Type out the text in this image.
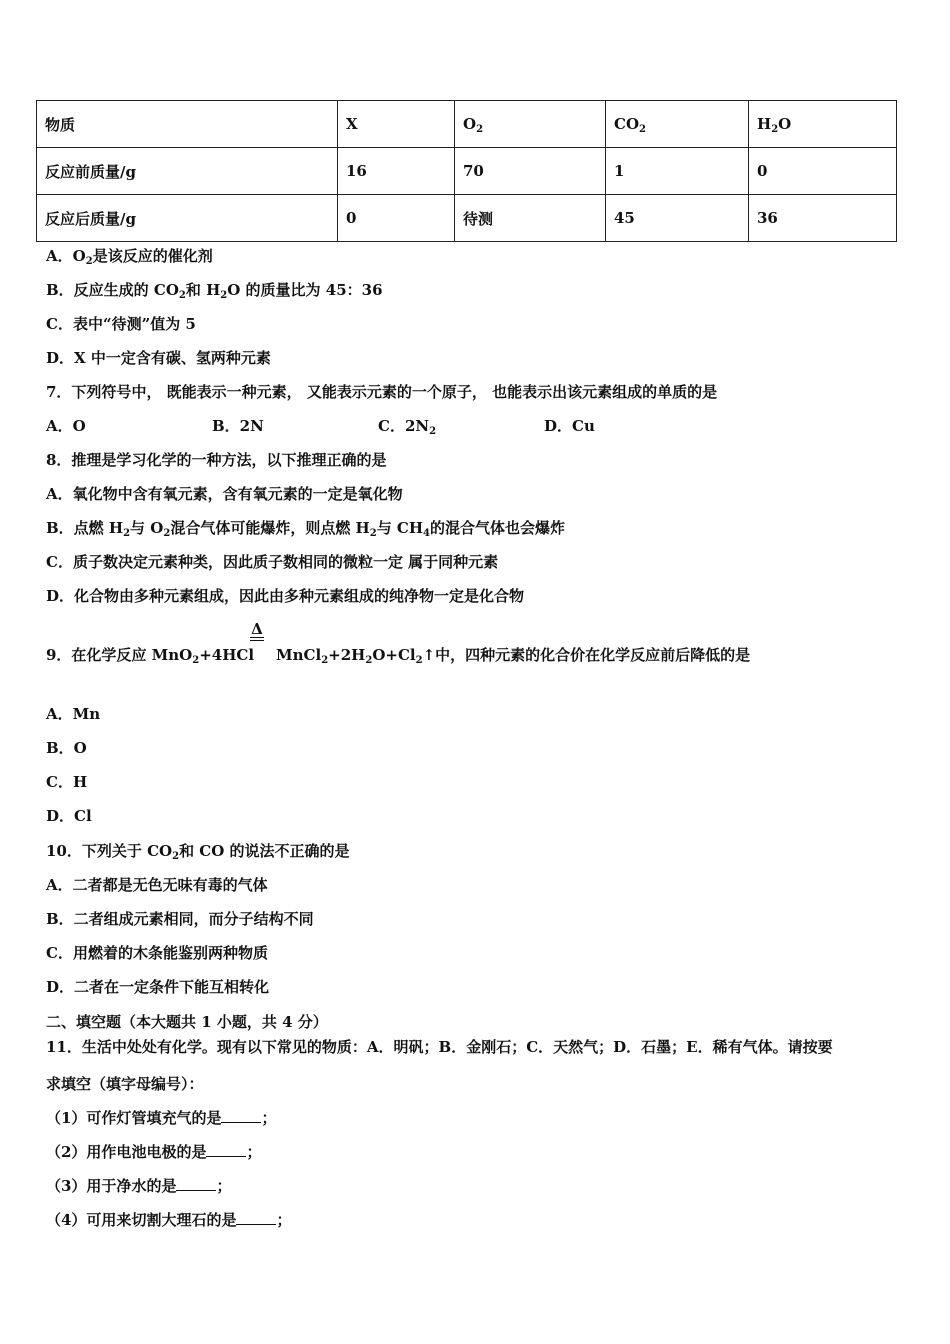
物质	X	$O_2$	$CO_2$	$H_2O$
反应前质量/g	16	70	1	0
反应后质量/g	0	待测	45	36
A．$O_2$是该反应的催化剂
B．反应生成的 $CO_2$和 $H_2O$ 的质量比为 45：36
C．表中“待测”值为 5
D．X 中一定含有碳、氢两种元素
7．下列符号中， 既能表示一种元素， 又能表示元素的一个原子， 也能表示出该元素组成的单质的是
A．O	B．2N	C．$2N_2$	D．Cu
8．推理是学习化学的一种方法，以下推理正确的是
A．氧化物中含有氧元素，含有氧元素的一定是氧化物
B．点燃 $H_2$与 $O_2$混合气体可能爆炸，则点燃 $H_2$与 $CH_4$的混合气体也会爆炸
C．质子数决定元素种类，因此质子数相同的微粒一定 属于同种元素
D．化合物由多种元素组成，因此由多种元素组成的纯净物一定是化合物
Δ
9．在化学反应 MnO$_2$+4HCl $MnCl_2+2H_2O+Cl_2↑$中，四种元素的化合价在化学反应前后降低的是
A．Mn
B．O
C．H
D．Cl
10．下列关于 $CO_2$和 CO 的说法不正确的是
A．二者都是无色无味有毒的气体
B．二者组成元素相同，而分子结构不同
C．用燃着的木条能鉴别两种物质
D．二者在一定条件下能互相转化
二、填空题（本大题共 1 小题，共 4 分）
11．生活中处处有化学。现有以下常见的物质：A．明矾；B．金刚石；C．天然气；D．石墨；E．稀有气体。请按要
求填空（填字母编号）：
（1）可作灯管填充气的是	；
（2）用作电池电极的是	；
（3）用于净水的是	；
（4）可用来切割大理石的是	；
